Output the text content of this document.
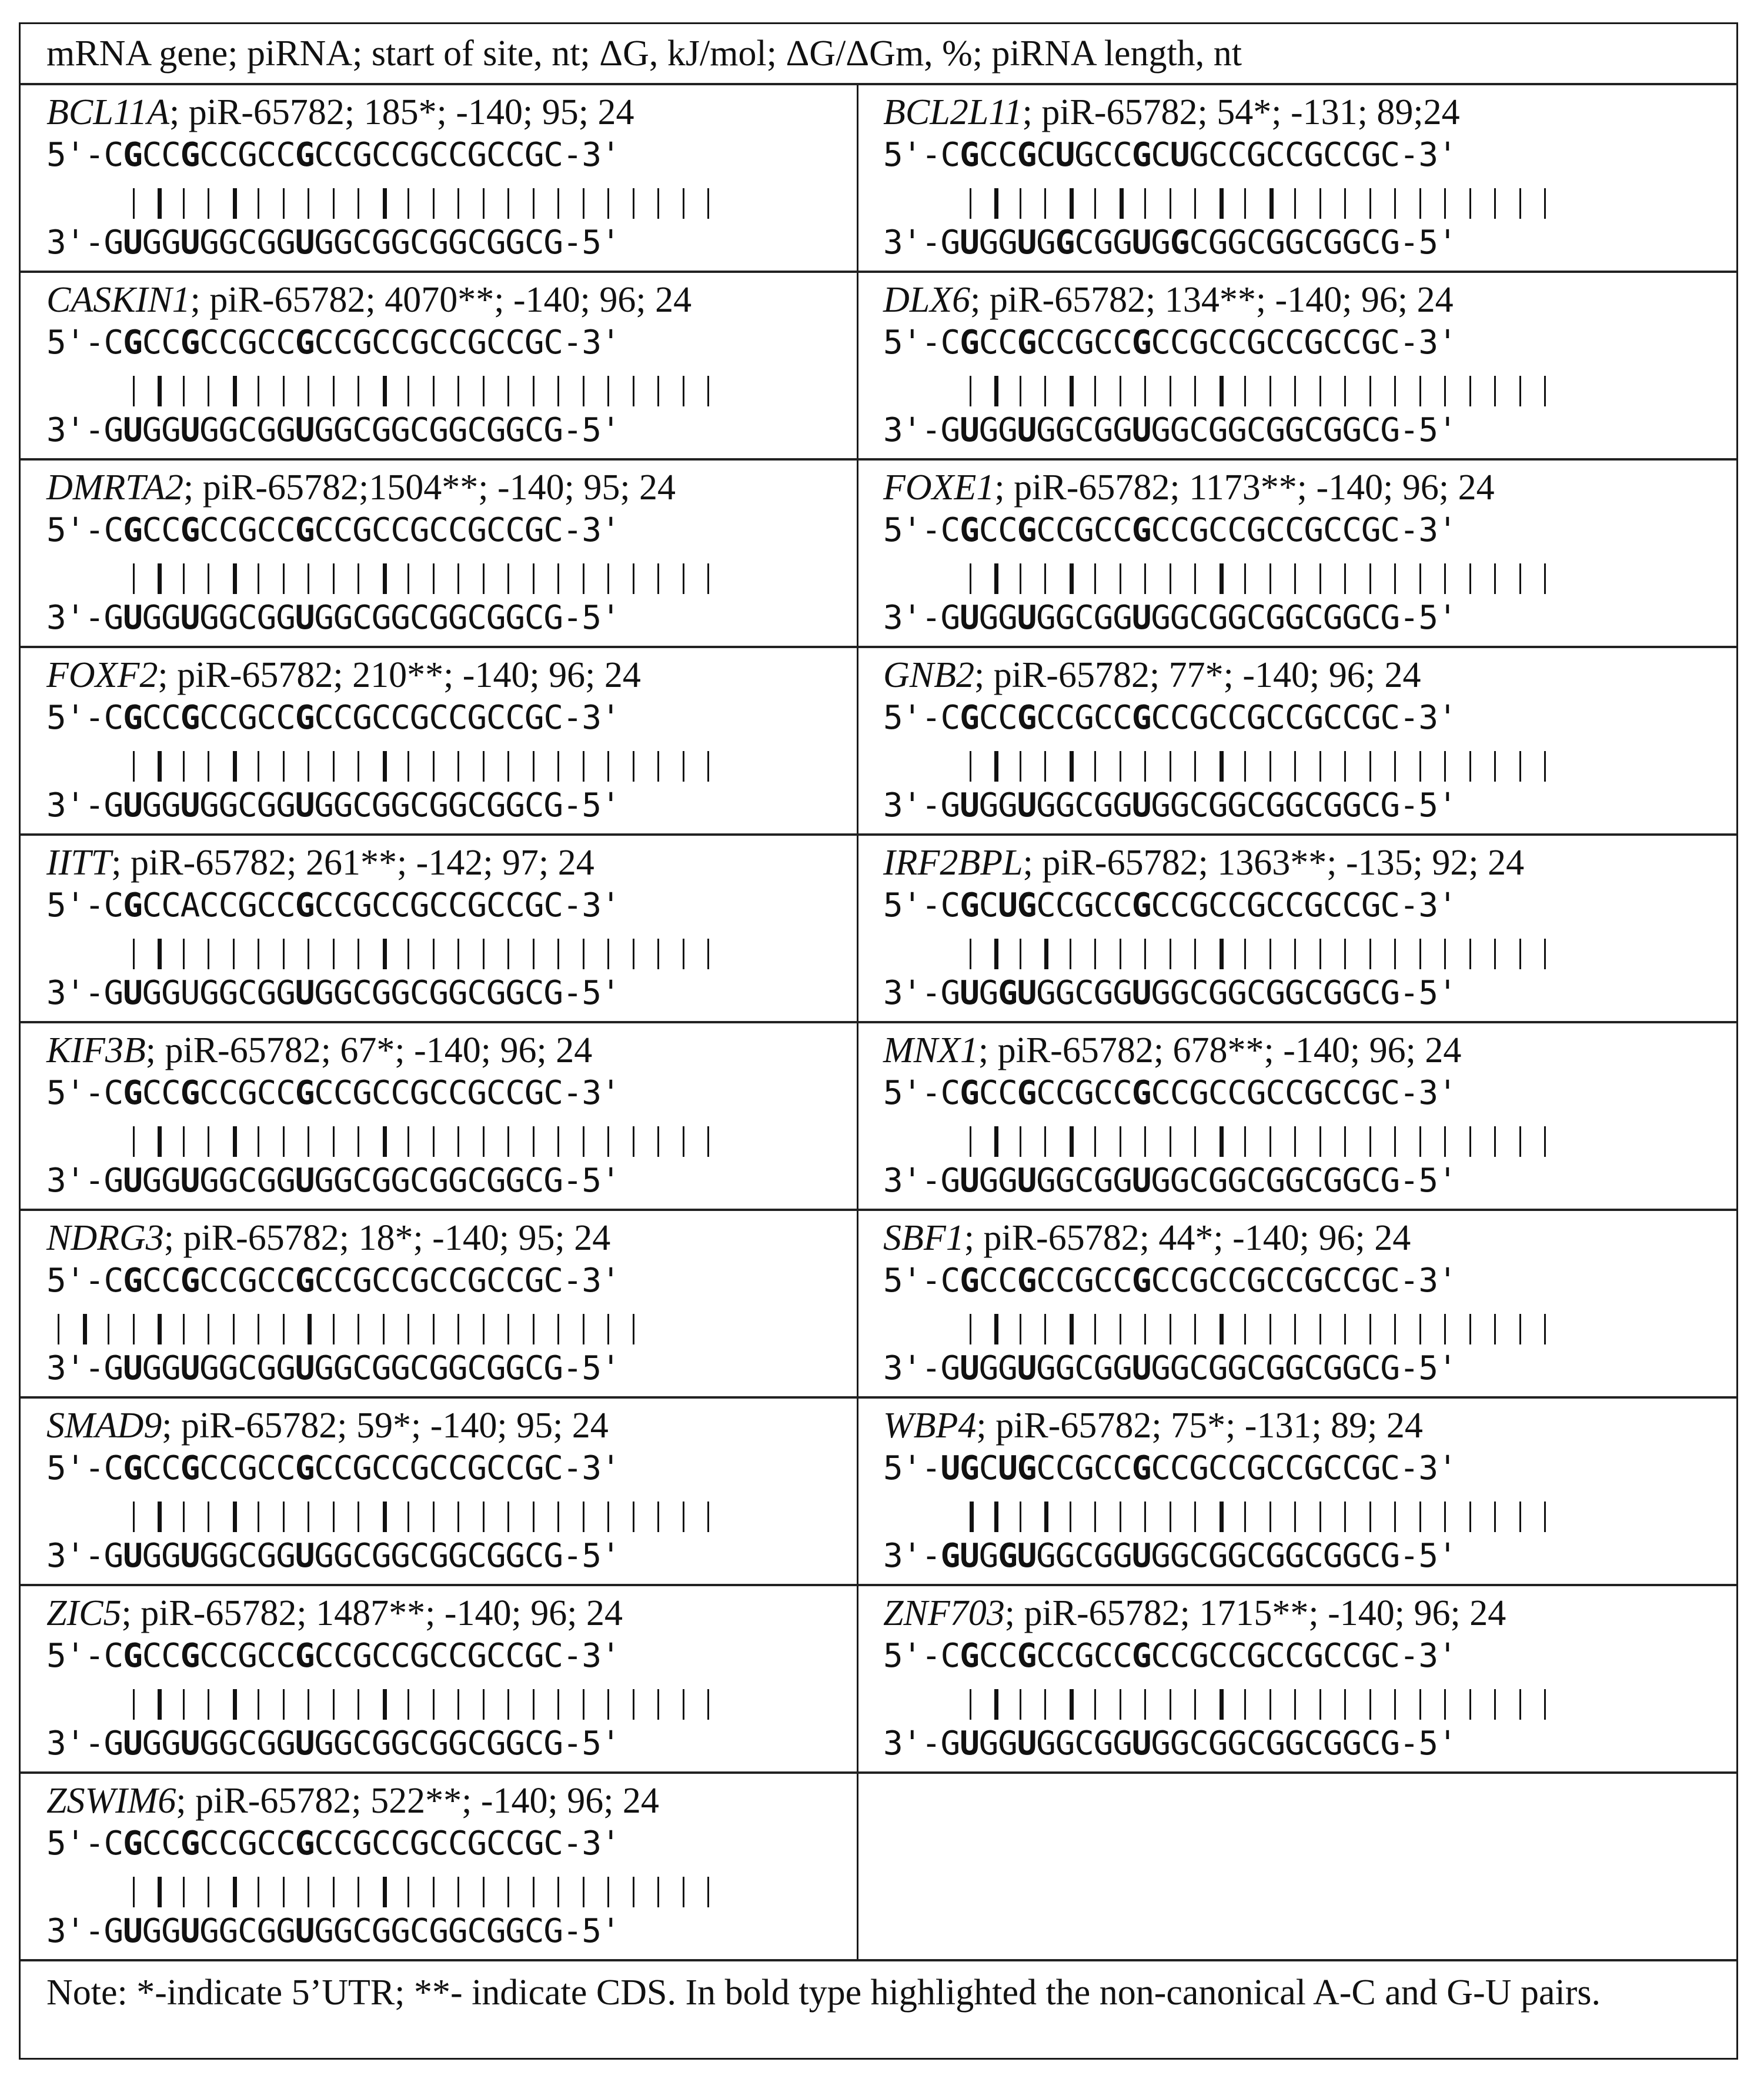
mRNA gene; piRNA; start of site, nt; ΔG, kJ/mol; ΔG/ΔGm, %; piRNA length, nt
BCL11A; piR-65782; 185*; -140; 95; 24
5'-CGCCGCCGCCGCCGCCGCCGCCGC-3'
3'-GUGGUGGCGGUGGCGGCGGCGGCG-5'
BCL2L11; piR-65782; 54*; -131; 89;24
5'-CGCCGCUGCCGCUGCCGCCGCCGC-3'
3'-GUGGUGGCGGUGGCGGCGGCGGCG-5'
CASKIN1; piR-65782; 4070**; -140; 96; 24
5'-CGCCGCCGCCGCCGCCGCCGCCGC-3'
3'-GUGGUGGCGGUGGCGGCGGCGGCG-5'
DLX6; piR-65782; 134**; -140; 96; 24
5'-CGCCGCCGCCGCCGCCGCCGCCGC-3'
3'-GUGGUGGCGGUGGCGGCGGCGGCG-5'
DMRTA2; piR-65782;1504**; -140; 95; 24
5'-CGCCGCCGCCGCCGCCGCCGCCGC-3'
3'-GUGGUGGCGGUGGCGGCGGCGGCG-5'
FOXE1; piR-65782; 1173**; -140; 96; 24
5'-CGCCGCCGCCGCCGCCGCCGCCGC-3'
3'-GUGGUGGCGGUGGCGGCGGCGGCG-5'
FOXF2; piR-65782; 210**; -140; 96; 24
5'-CGCCGCCGCCGCCGCCGCCGCCGC-3'
3'-GUGGUGGCGGUGGCGGCGGCGGCG-5'
GNB2; piR-65782; 77*; -140; 96; 24
5'-CGCCGCCGCCGCCGCCGCCGCCGC-3'
3'-GUGGUGGCGGUGGCGGCGGCGGCG-5'
IITT; piR-65782; 261**; -142; 97; 24
5'-CGCCACCGCCGCCGCCGCCGCCGC-3'
3'-GUGGUGGCGGUGGCGGCGGCGGCG-5'
IRF2BPL; piR-65782; 1363**; -135; 92; 24
5'-CGCUGCCGCCGCCGCCGCCGCCGC-3'
3'-GUGGUGGCGGUGGCGGCGGCGGCG-5'
KIF3B; piR-65782; 67*; -140; 96; 24
5'-CGCCGCCGCCGCCGCCGCCGCCGC-3'
3'-GUGGUGGCGGUGGCGGCGGCGGCG-5'
MNX1; piR-65782; 678**; -140; 96; 24
5'-CGCCGCCGCCGCCGCCGCCGCCGC-3'
3'-GUGGUGGCGGUGGCGGCGGCGGCG-5'
NDRG3; piR-65782; 18*; -140; 95; 24
5'-CGCCGCCGCCGCCGCCGCCGCCGC-3'
3'-GUGGUGGCGGUGGCGGCGGCGGCG-5'
SBF1; piR-65782; 44*; -140; 96; 24
5'-CGCCGCCGCCGCCGCCGCCGCCGC-3'
3'-GUGGUGGCGGUGGCGGCGGCGGCG-5'
SMAD9; piR-65782; 59*; -140; 95; 24
5'-CGCCGCCGCCGCCGCCGCCGCCGC-3'
3'-GUGGUGGCGGUGGCGGCGGCGGCG-5'
WBP4; piR-65782; 75*; -131; 89; 24
5'-UGCUGCCGCCGCCGCCGCCGCCGC-3'
3'-GUGGUGGCGGUGGCGGCGGCGGCG-5'
ZIC5; piR-65782; 1487**; -140; 96; 24
5'-CGCCGCCGCCGCCGCCGCCGCCGC-3'
3'-GUGGUGGCGGUGGCGGCGGCGGCG-5'
ZNF703; piR-65782; 1715**; -140; 96; 24
5'-CGCCGCCGCCGCCGCCGCCGCCGC-3'
3'-GUGGUGGCGGUGGCGGCGGCGGCG-5'
ZSWIM6; piR-65782; 522**; -140; 96; 24
5'-CGCCGCCGCCGCCGCCGCCGCCGC-3'
3'-GUGGUGGCGGUGGCGGCGGCGGCG-5'
Note: *-indicate 5’UTR; **- indicate CDS. In bold type highlighted the non-canonical A-C and G-U pairs.
